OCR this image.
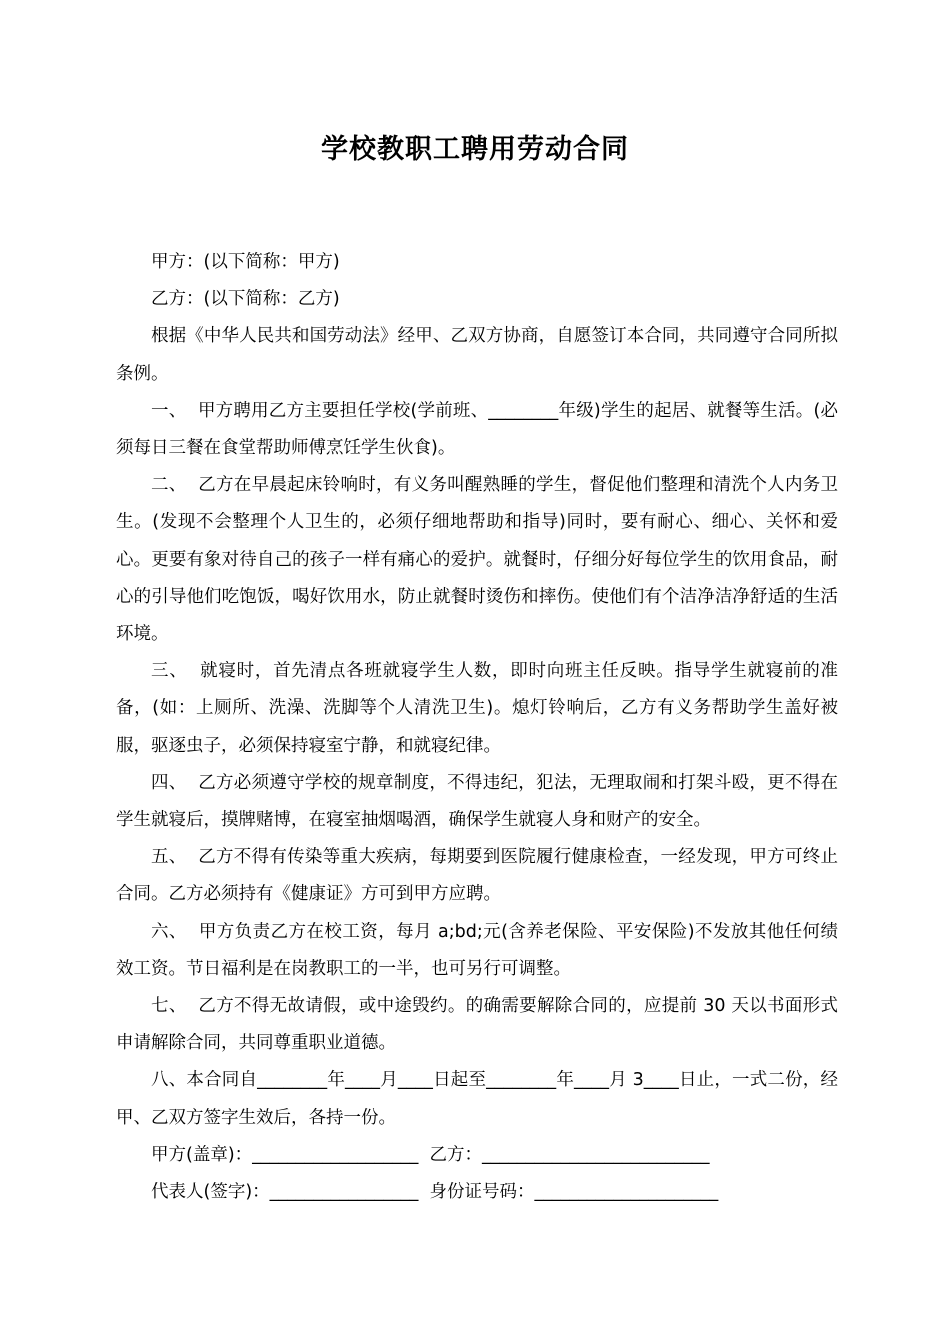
学校教职工聘用劳动合同

甲方：(以下简称：甲方)

乙方：(以下简称：乙方)

根据《中华人民共和国劳动法》经甲、乙双方协商，自愿签订本合同，共同遵守合同所拟条例。

一、  甲方聘用乙方主要担任学校(学前班、________年级)学生的起居、就餐等生活。(必须每日三餐在食堂帮助师傅烹饪学生伙食)。

二、  乙方在早晨起床铃响时，有义务叫醒熟睡的学生，督促他们整理和清洗个人内务卫生。(发现不会整理个人卫生的，必须仔细地帮助和指导)同时，要有耐心、细心、关怀和爱心。更要有象对待自己的孩子一样有痛心的爱护。就餐时，仔细分好每位学生的饮用食品，耐心的引导他们吃饱饭，喝好饮用水，防止就餐时烫伤和摔伤。使他们有个洁净洁净舒适的生活环境。

三、  就寝时，首先清点各班就寝学生人数，即时向班主任反映。指导学生就寝前的准备，(如：上厕所、洗澡、洗脚等个人清洗卫生)。熄灯铃响后，乙方有义务帮助学生盖好被服，驱逐虫子，必须保持寝室宁静，和就寝纪律。

四、  乙方必须遵守学校的规章制度，不得违纪，犯法，无理取闹和打架斗殴，更不得在学生就寝后，摸牌赌博，在寝室抽烟喝酒，确保学生就寝人身和财产的安全。

五、  乙方不得有传染等重大疾病，每期要到医院履行健康检查，一经发现，甲方可终止合同。乙方必须持有《健康证》方可到甲方应聘。

六、  甲方负责乙方在校工资，每月 a;bd;元(含养老保险、平安保险)不发放其他任何绩效工资。节日福利是在岗教职工的一半，也可另行可调整。

七、  乙方不得无故请假，或中途毁约。的确需要解除合同的，应提前 30 天以书面形式申请解除合同，共同尊重职业道德。

八、本合同自________年____月____日起至________年____月 3____日止，一式二份，经甲、乙双方签字生效后，各持一份。

甲方(盖章)：___________________  乙方：__________________________

代表人(签字)：_________________  身份证号码：_____________________
